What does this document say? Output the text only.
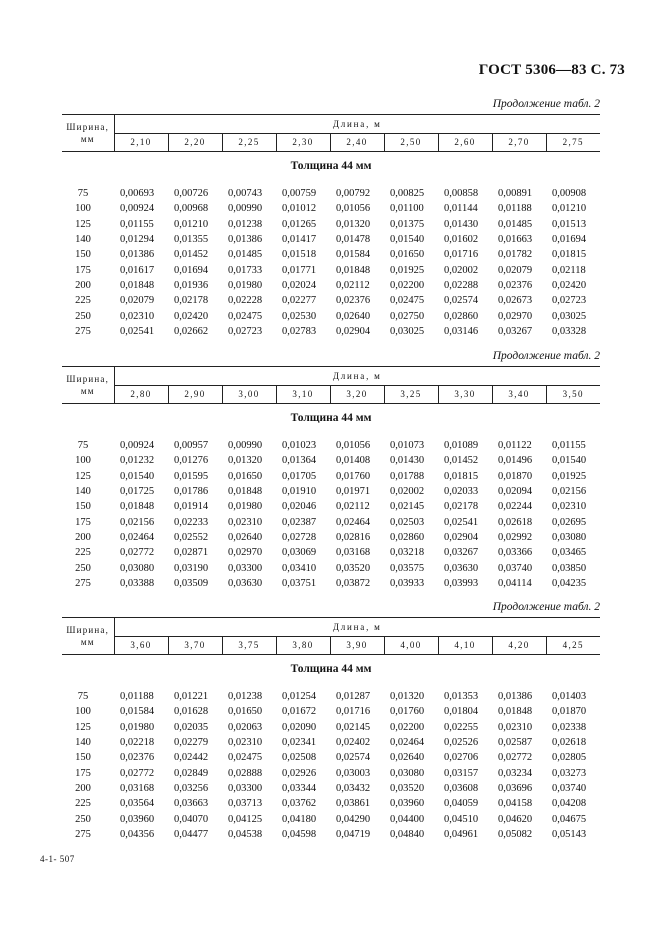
ГОСТ 5306—83 С. 73
Продолжение табл. 2
Ширина,
мм	Длина, м								
	2,10	2,20	2,25	2,30	2,40	2,50	2,60	2,70	2,75
Толщина 44 мм									

75	0,00693	0,00726	0,00743	0,00759	0,00792	0,00825	0,00858	0,00891	0,00908
100	0,00924	0,00968	0,00990	0,01012	0,01056	0,01100	0,01144	0,01188	0,01210
125	0,01155	0,01210	0,01238	0,01265	0,01320	0,01375	0,01430	0,01485	0,01513
140	0,01294	0,01355	0,01386	0,01417	0,01478	0,01540	0,01602	0,01663	0,01694
150	0,01386	0,01452	0,01485	0,01518	0,01584	0,01650	0,01716	0,01782	0,01815
175	0,01617	0,01694	0,01733	0,01771	0,01848	0,01925	0,02002	0,02079	0,02118
200	0,01848	0,01936	0,01980	0,02024	0,02112	0,02200	0,02288	0,02376	0,02420
225	0,02079	0,02178	0,02228	0,02277	0,02376	0,02475	0,02574	0,02673	0,02723
250	0,02310	0,02420	0,02475	0,02530	0,02640	0,02750	0,02860	0,02970	0,03025
275	0,02541	0,02662	0,02723	0,02783	0,02904	0,03025	0,03146	0,03267	0,03328
Продолжение табл. 2
Ширина,
мм	Длина, м								
	2,80	2,90	3,00	3,10	3,20	3,25	3,30	3,40	3,50
Толщина 44 мм									

75	0,00924	0,00957	0,00990	0,01023	0,01056	0,01073	0,01089	0,01122	0,01155
100	0,01232	0,01276	0,01320	0,01364	0,01408	0,01430	0,01452	0,01496	0,01540
125	0,01540	0,01595	0,01650	0,01705	0,01760	0,01788	0,01815	0,01870	0,01925
140	0,01725	0,01786	0,01848	0,01910	0,01971	0,02002	0,02033	0,02094	0,02156
150	0,01848	0,01914	0,01980	0,02046	0,02112	0,02145	0,02178	0,02244	0,02310
175	0,02156	0,02233	0,02310	0,02387	0,02464	0,02503	0,02541	0,02618	0,02695
200	0,02464	0,02552	0,02640	0,02728	0,02816	0,02860	0,02904	0,02992	0,03080
225	0,02772	0,02871	0,02970	0,03069	0,03168	0,03218	0,03267	0,03366	0,03465
250	0,03080	0,03190	0,03300	0,03410	0,03520	0,03575	0,03630	0,03740	0,03850
275	0,03388	0,03509	0,03630	0,03751	0,03872	0,03933	0,03993	0,04114	0,04235
Продолжение табл. 2
Ширина,
мм	Длина, м								
	3,60	3,70	3,75	3,80	3,90	4,00	4,10	4,20	4,25
Толщина 44 мм									

75	0,01188	0,01221	0,01238	0,01254	0,01287	0,01320	0,01353	0,01386	0,01403
100	0,01584	0,01628	0,01650	0,01672	0,01716	0,01760	0,01804	0,01848	0,01870
125	0,01980	0,02035	0,02063	0,02090	0,02145	0,02200	0,02255	0,02310	0,02338
140	0,02218	0,02279	0,02310	0,02341	0,02402	0,02464	0,02526	0,02587	0,02618
150	0,02376	0,02442	0,02475	0,02508	0,02574	0,02640	0,02706	0,02772	0,02805
175	0,02772	0,02849	0,02888	0,02926	0,03003	0,03080	0,03157	0,03234	0,03273
200	0,03168	0,03256	0,03300	0,03344	0,03432	0,03520	0,03608	0,03696	0,03740
225	0,03564	0,03663	0,03713	0,03762	0,03861	0,03960	0,04059	0,04158	0,04208
250	0,03960	0,04070	0,04125	0,04180	0,04290	0,04400	0,04510	0,04620	0,04675
275	0,04356	0,04477	0,04538	0,04598	0,04719	0,04840	0,04961	0,05082	0,05143
4-1- 507
